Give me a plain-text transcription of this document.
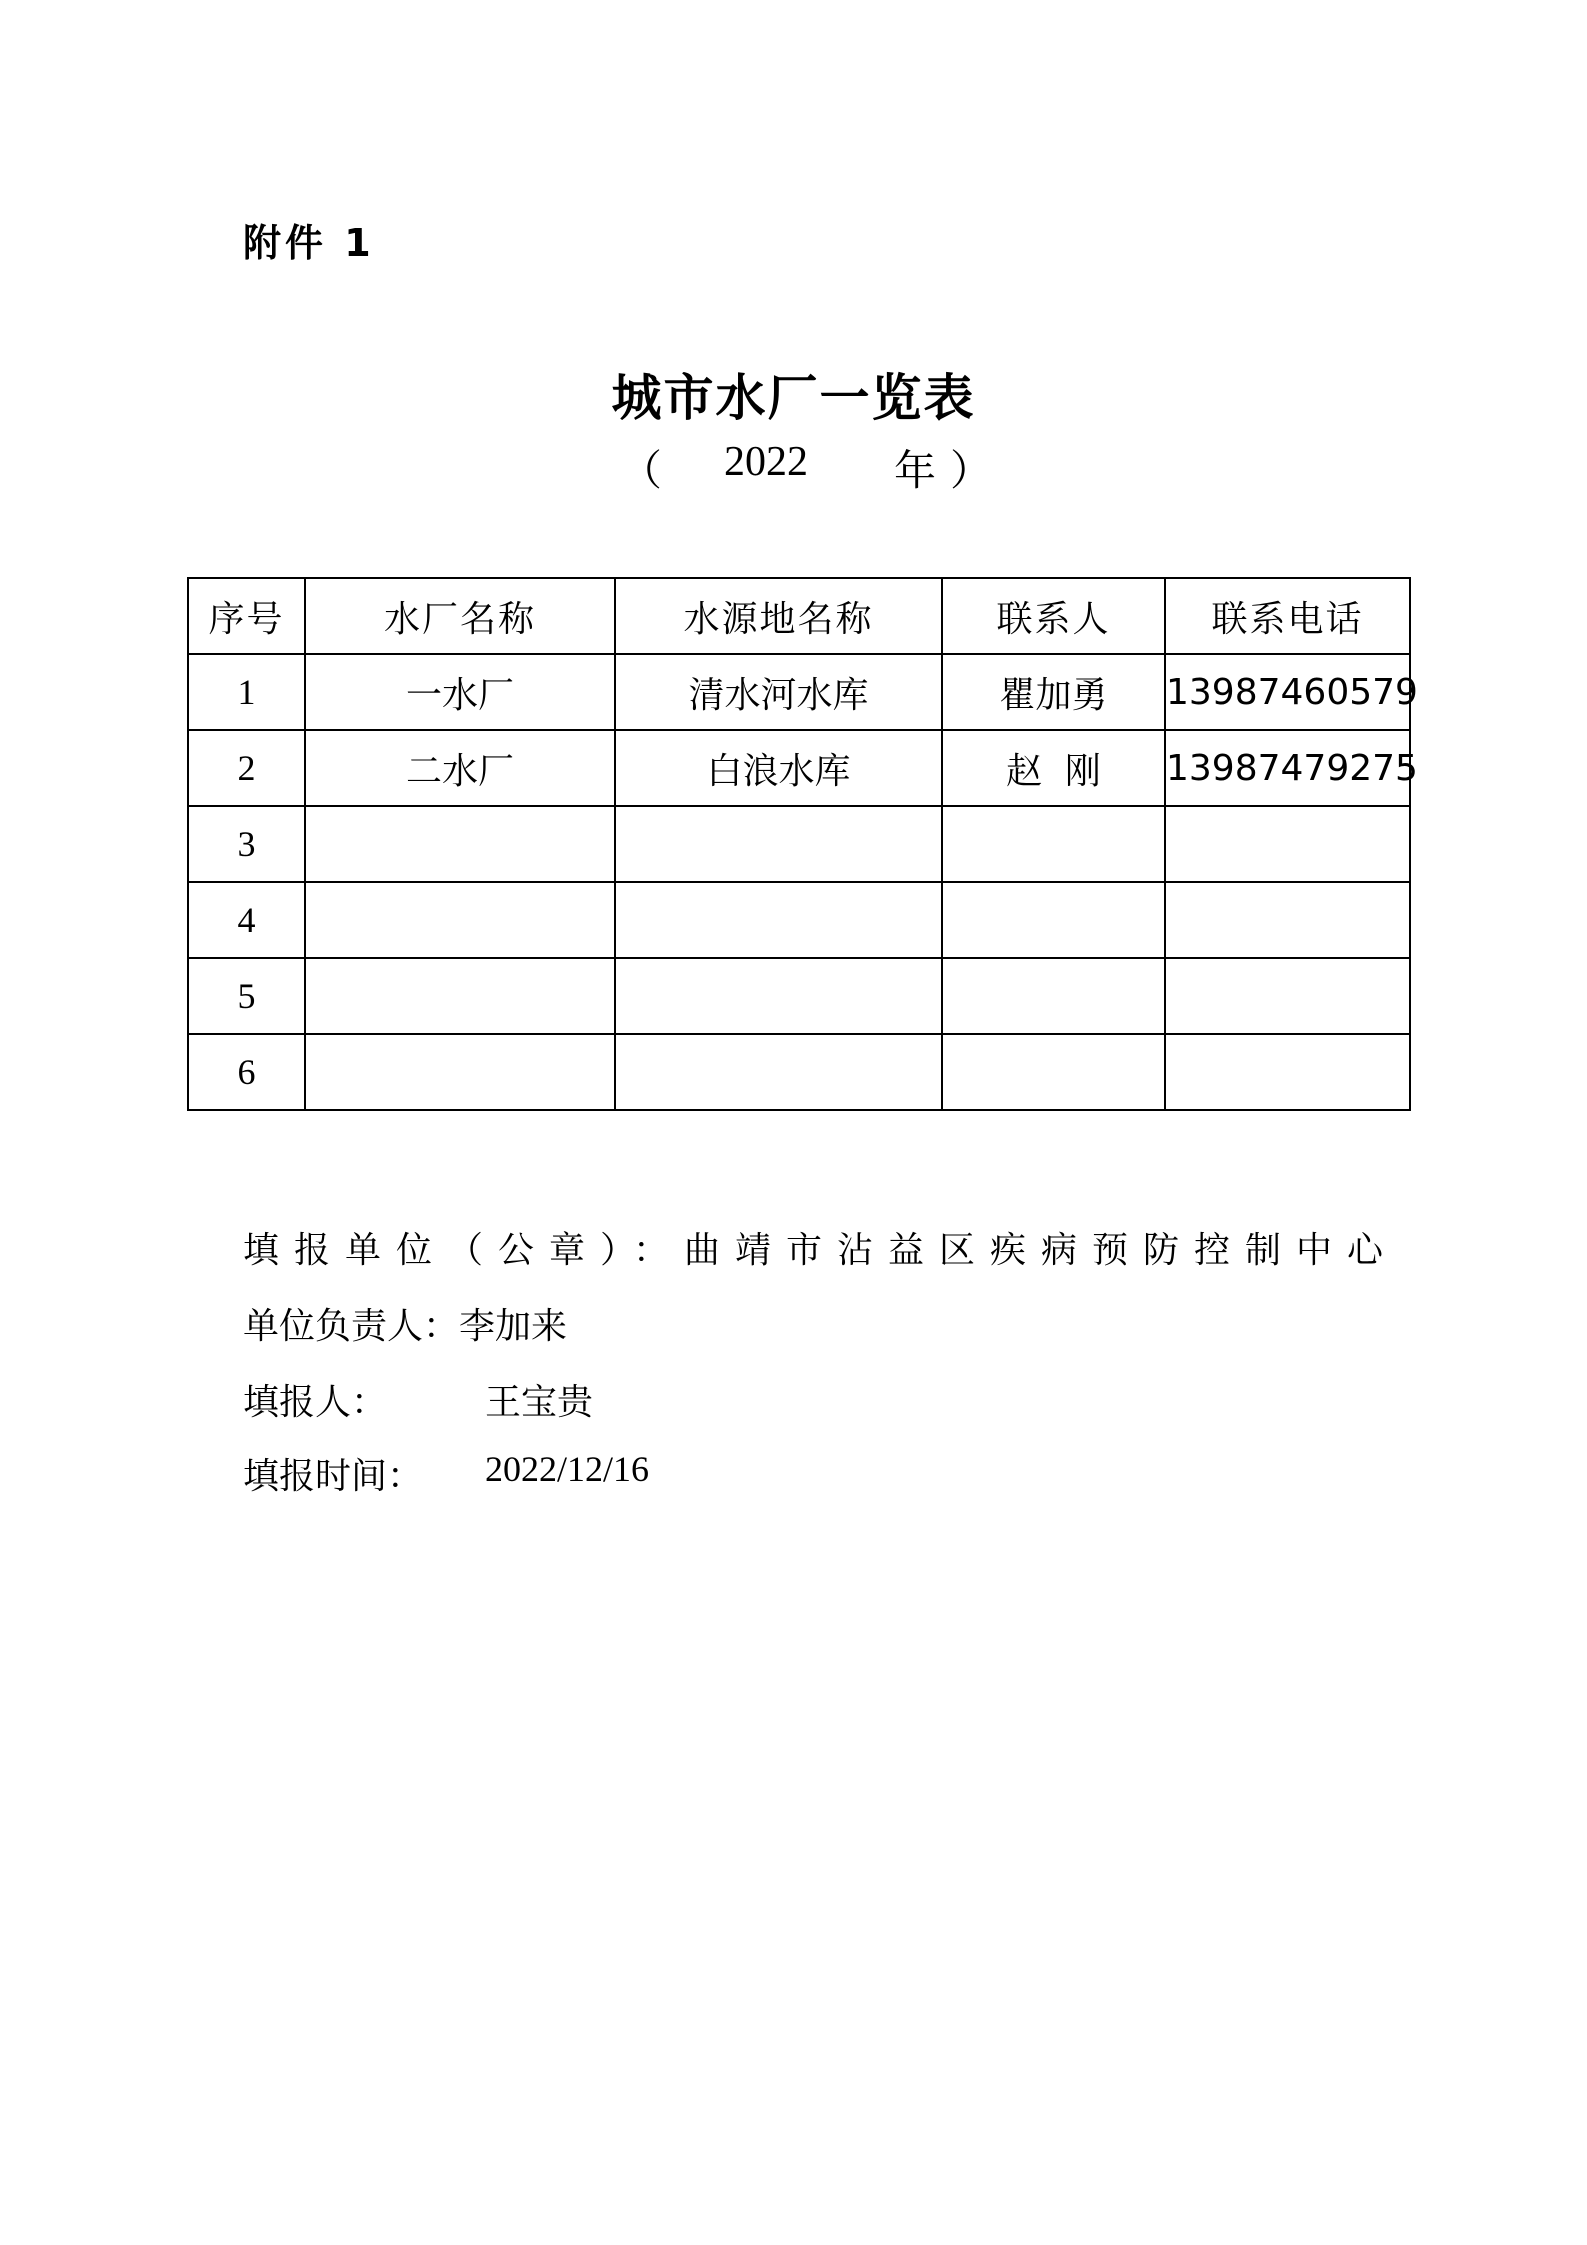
附件 1
城市水厂一览表
（ 2022 年 ）
序号	水厂名称	水源地名称	联系人	联系电话
1	一水厂	清水河水库	瞿加勇	13987460579
2	二水厂	白浪水库	赵  刚	13987479275
3				
4				
5				
6				
填报单位（公章）：曲靖市沾益区疾病预防控制中心
单位负责人：李加来
填报人：	王宝贵
填报时间： 2022/12/16
